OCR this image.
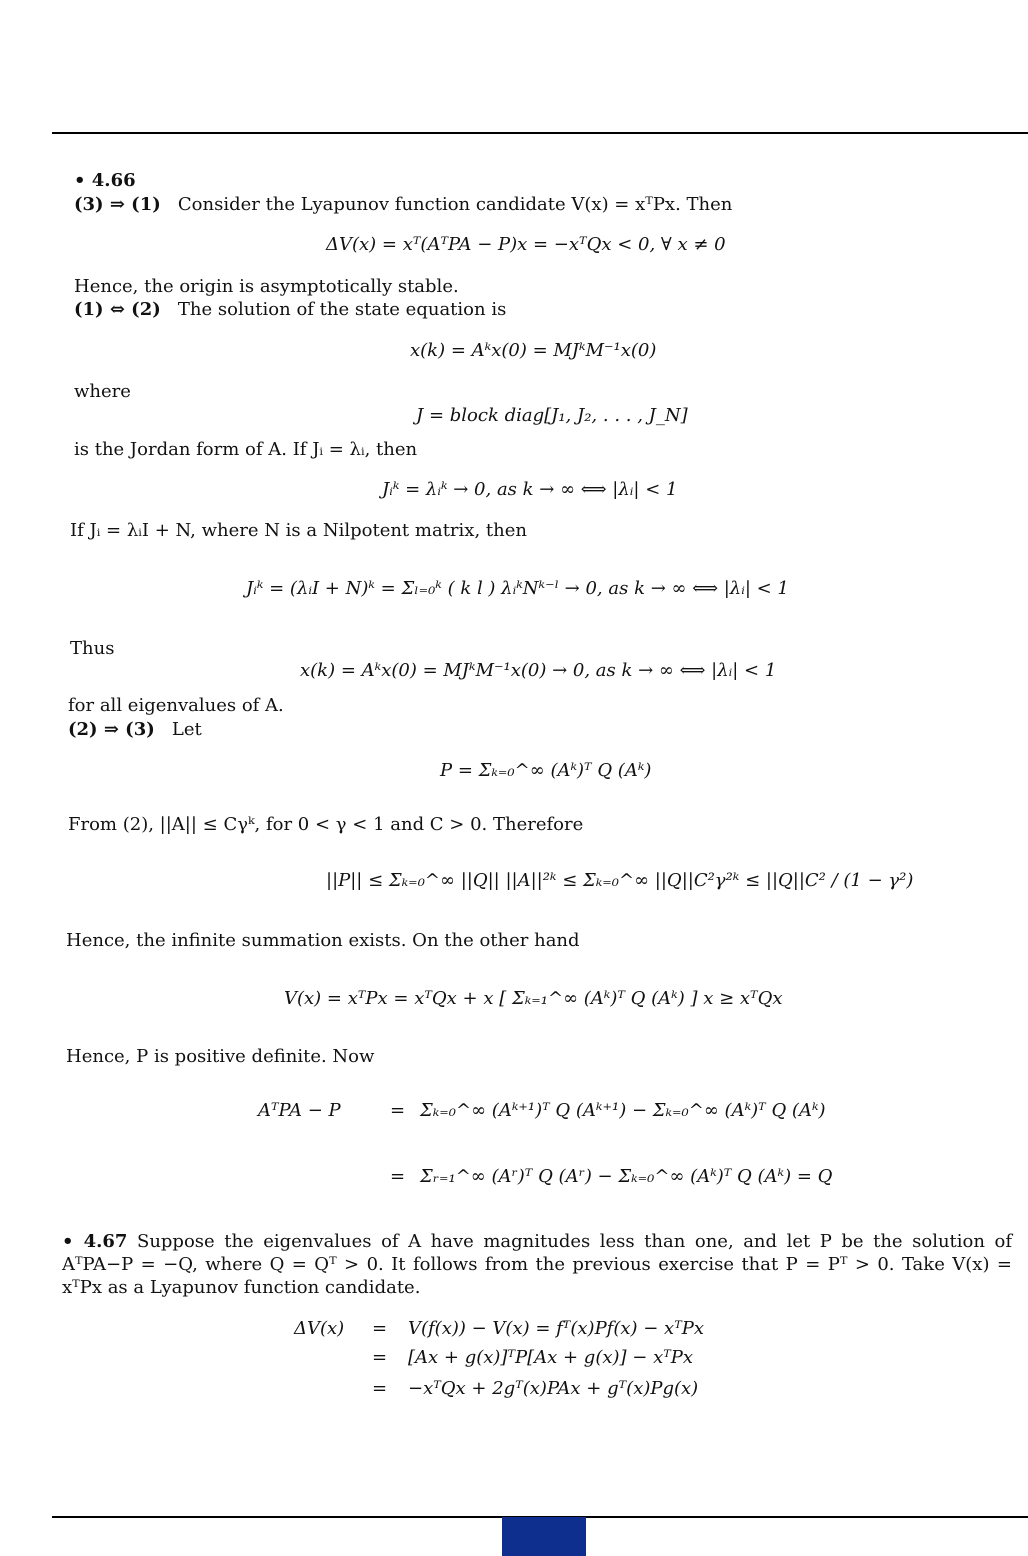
• 4.66
(3) ⇒ (1) Consider the Lyapunov function candidate V(x) = xᵀPx. Then
ΔV(x) = xᵀ(AᵀPA − P)x = −xᵀQx < 0, ∀ x ≠ 0
Hence, the origin is asymptotically stable.
(1) ⇔ (2) The solution of the state equation is
x(k) = Aᵏx(0) = MJᵏM⁻¹x(0)
where
J = block diag[J₁, J₂, . . . , J_N]
is the Jordan form of A. If Jᵢ = λᵢ, then
Jᵢᵏ = λᵢᵏ → 0, as k → ∞ ⟺ |λᵢ| < 1
If Jᵢ = λᵢI + N, where N is a Nilpotent matrix, then
Jᵢᵏ = (λᵢI + N)ᵏ = Σₗ₌₀ᵏ ( k l ) λᵢᵏNᵏ⁻ˡ → 0, as k → ∞ ⟺ |λᵢ| < 1
Thus
x(k) = Aᵏx(0) = MJᵏM⁻¹x(0) → 0, as k → ∞ ⟺ |λᵢ| < 1
for all eigenvalues of A.
(2) ⇒ (3) Let
P = Σₖ₌₀^∞ (Aᵏ)ᵀ Q (Aᵏ)
From (2), ||A|| ≤ Cγᵏ, for 0 < γ < 1 and C > 0. Therefore
||P|| ≤ Σₖ₌₀^∞ ||Q|| ||A||²ᵏ ≤ Σₖ₌₀^∞ ||Q||C²γ²ᵏ ≤ ||Q||C² / (1 − γ²)
Hence, the infinite summation exists. On the other hand
V(x) = xᵀPx = xᵀQx + x [ Σₖ₌₁^∞ (Aᵏ)ᵀ Q (Aᵏ) ] x ≥ xᵀQx
Hence, P is positive definite. Now
AᵀPA − P	= Σₖ₌₀^∞ (Aᵏ⁺¹)ᵀ Q (Aᵏ⁺¹) − Σₖ₌₀^∞ (Aᵏ)ᵀ Q (Aᵏ)
= Σᵣ₌₁^∞ (Aʳ)ᵀ Q (Aʳ) − Σₖ₌₀^∞ (Aᵏ)ᵀ Q (Aᵏ) = Q
• 4.67 Suppose the eigenvalues of A have magnitudes less than one, and let P be the solution of AᵀPA−P = −Q, where Q = Qᵀ > 0. It follows from the previous exercise that P = Pᵀ > 0. Take V(x) = xᵀPx as a Lyapunov function candidate.
ΔV(x) = V(f(x)) − V(x) = fᵀ(x)Pf(x) − xᵀPx
= [Ax + g(x)]ᵀP[Ax + g(x)] − xᵀPx
= −xᵀQx + 2gᵀ(x)PAx + gᵀ(x)Pg(x)
